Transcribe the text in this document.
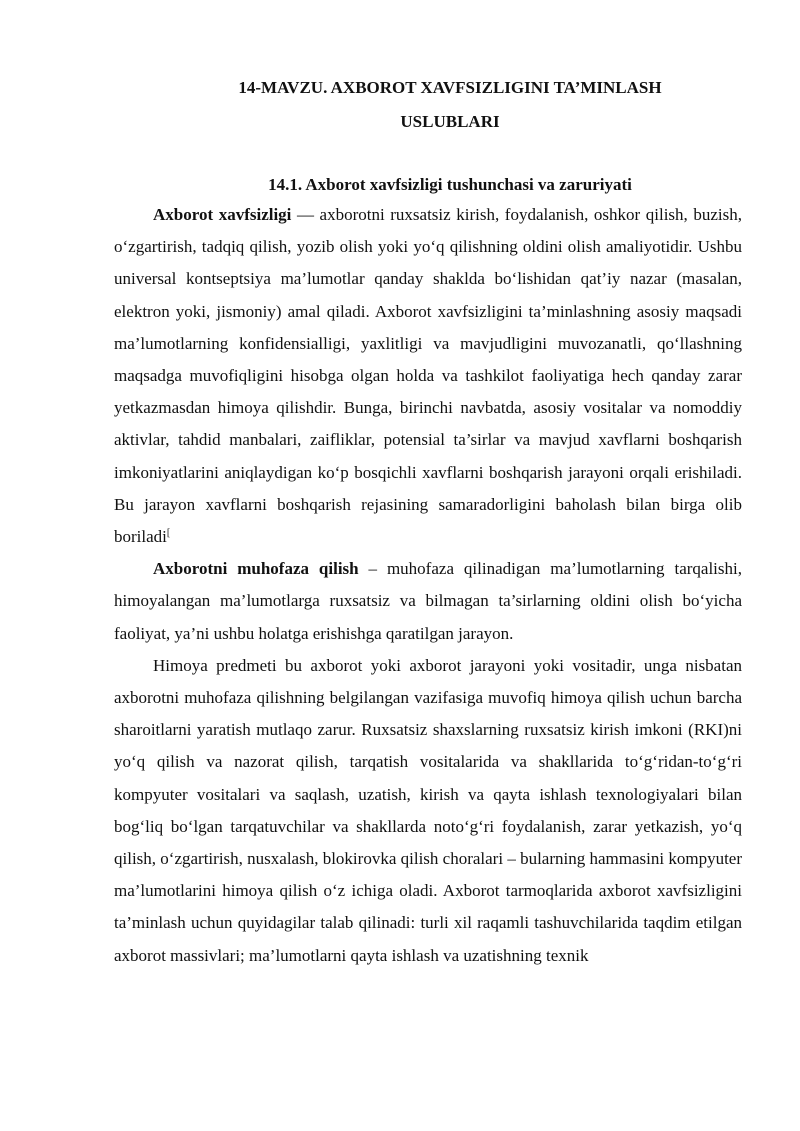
14-MAVZU. AXBOROT XAVFSIZLIGINI TA’MINLASH
USLUBLARI
14.1. Axborot xavfsizligi tushunchasi va zaruriyati

Axborot xavfsizligi — axborotni ruxsatsiz kirish, foydalanish, oshkor qilish, buzish, o‘zgartirish, tadqiq qilish, yozib olish yoki yo‘q qilishning oldini olish amaliyotidir. Ushbu universal kontseptsiya ma’lumotlar qanday shaklda bo‘lishidan qat’iy nazar (masalan, elektron yoki, jismoniy) amal qiladi. Axborot xavfsizligini ta’minlashning asosiy maqsadi ma’lumotlarning konfidensialligi, yaxlitligi va mavjudligini muvozanatli, qo‘llashning maqsadga muvofiqligini hisobga olgan holda va tashkilot faoliyatiga hech qanday zarar yetkazmasdan himoya qilishdir. Bunga, birinchi navbatda, asosiy vositalar va nomoddiy aktivlar, tahdid manbalari, zaifliklar, potensial ta’sirlar va mavjud xavflarni boshqarish imkoniyatlarini aniqlaydigan ko‘p bosqichli xavflarni boshqarish jarayoni orqali erishiladi. Bu jarayon xavflarni boshqarish rejasining samaradorligini baholash bilan birga olib boriladi[

Axborotni muhofaza qilish – muhofaza qilinadigan ma’lumotlarning tarqalishi, himoyalangan ma’lumotlarga ruxsatsiz va bilmagan ta’sirlarning oldini olish bo‘yicha faoliyat, ya’ni ushbu holatga erishishga qaratilgan jarayon.

Himoya predmeti bu axborot yoki axborot jarayoni yoki vositadir, unga nisbatan axborotni muhofaza qilishning belgilangan vazifasiga muvofiq himoya qilish uchun barcha sharoitlarni yaratish mutlaqo zarur. Ruxsatsiz shaxslarning ruxsatsiz kirish imkoni (RKI)ni yo‘q qilish va nazorat qilish, tarqatish vositalarida va shakllarida to‘g‘ridan-to‘g‘ri kompyuter vositalari va saqlash, uzatish, kirish va qayta ishlash texnologiyalari bilan bog‘liq bo‘lgan tarqatuvchilar va shakllarda noto‘g‘ri foydalanish, zarar yetkazish, yo‘q qilish, o‘zgartirish, nusxalash, blokirovka qilish choralari – bularning hammasini kompyuter ma’lumotlarini himoya qilish o‘z ichiga oladi. Axborot tarmoqlarida axborot xavfsizligini ta’minlash uchun quyidagilar talab qilinadi: turli xil raqamli tashuvchilarida taqdim etilgan axborot massivlari; ma’lumotlarni qayta ishlash va uzatishning texnik
